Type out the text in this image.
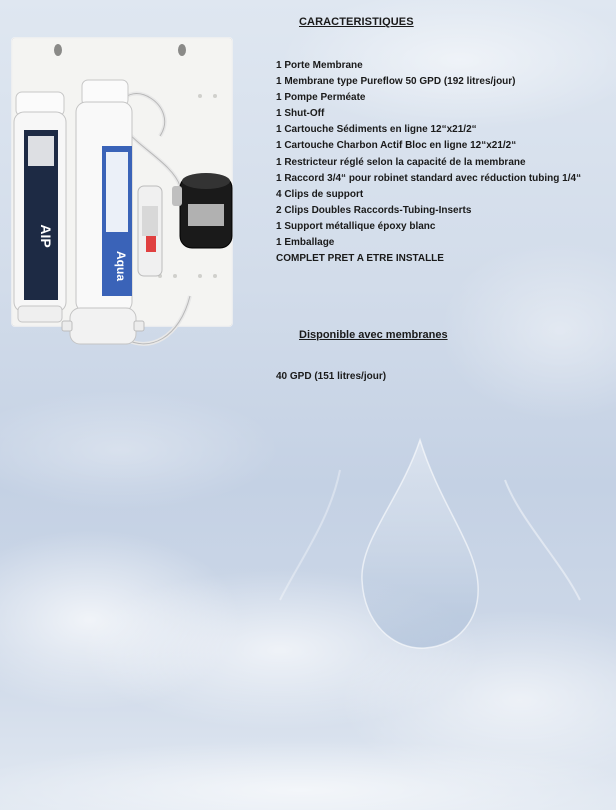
AIP
Aqua
CARACTERISTIQUES
1 Porte Membrane
1 Membrane type Pureflow 50 GPD (192 litres/jour)
1 Pompe Perméate
1 Shut-Off
1 Cartouche Sédiments en ligne 12“x21/2“
1 Cartouche Charbon Actif Bloc en ligne 12“x21/2“
1 Restricteur réglé selon la capacité de la membrane
1 Raccord 3/4“ pour robinet standard avec réduction tubing 1/4“
4 Clips de support
2 Clips Doubles Raccords-Tubing-Inserts
1 Support métallique époxy blanc
1 Emballage
COMPLET PRET A ETRE INSTALLE
Disponible avec membranes
40 GPD (151 litres/jour)
